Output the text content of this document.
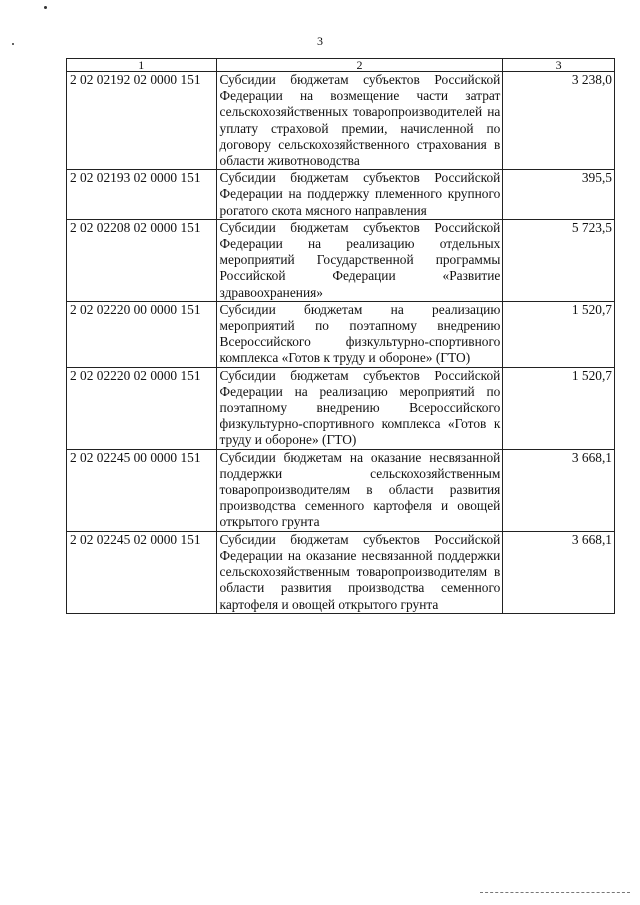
3
1	2	3
2 02 02192 02 0000 151	Субсидии бюджетам субъектов Российской Федерации на возмещение части затрат сельскохозяйственных товаропроизводителей на уплату страховой премии, начисленной по договору сельскохозяйственного страхования в области животноводства	3 238,0
2 02 02193 02 0000 151	Субсидии бюджетам субъектов Российской Федерации на поддержку племенного крупного рогатого скота мясного направления	395,5
2 02 02208 02 0000 151	Субсидии бюджетам субъектов Российской Федерации на реализацию отдельных мероприятий Государственной программы Российской Федерации «Развитие здравоохранения»	5 723,5
2 02 02220 00 0000 151	Субсидии бюджетам на реализацию мероприятий по поэтапному внедрению Всероссийского физкультурно-спортивного комплекса «Готов к труду и обороне» (ГТО)	1 520,7
2 02 02220 02 0000 151	Субсидии бюджетам субъектов Российской Федерации на реализацию мероприятий по поэтапному внедрению Всероссийского физкультурно-спортивного комплекса «Готов к труду и обороне» (ГТО)	1 520,7
2 02 02245 00 0000 151	Субсидии бюджетам на оказание несвязанной поддержки сельскохозяйственным товаропроизводителям в области развития производства семенного картофеля и овощей открытого грунта	3 668,1
2 02 02245 02 0000 151	Субсидии бюджетам субъектов Российской Федерации на оказание несвязанной поддержки сельскохозяйственным товаропроизводителям в области развития производства семенного картофеля и овощей открытого грунта	3 668,1
